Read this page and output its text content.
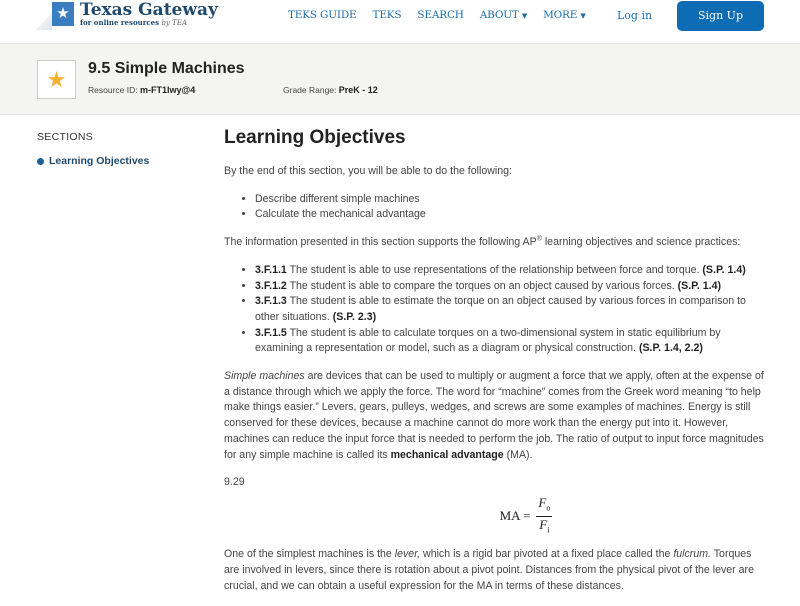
★ Texas Gateway
for online resources by TEA
TEKS GUIDE TEKS SEARCH ABOUT ▼ MORE ▼	Log in	Sign Up
★	9.5 Simple Machines
Resource ID: m-FT1Iwy@4	Grade Range: PreK - 12
SECTIONS
Learning Objectives
Learning Objectives

By the end of this section, you will be able to do the following:

• Describe different simple machines
• Calculate the mechanical advantage

The information presented in this section supports the following AP® learning objectives and science practices:

• 3.F.1.1 The student is able to use representations of the relationship between force and torque. (S.P. 1.4)
• 3.F.1.2 The student is able to compare the torques on an object caused by various forces. (S.P. 1.4)
• 3.F.1.3 The student is able to estimate the torque on an object caused by various forces in comparison to other situations. (S.P. 2.3)
• 3.F.1.5 The student is able to calculate torques on a two-dimensional system in static equilibrium by examining a representation or model, such as a diagram or physical construction. (S.P. 1.4, 2.2)

Simple machines are devices that can be used to multiply or augment a force that we apply, often at the expense of a distance through which we apply the force. The word for “machine” comes from the Greek word meaning “to help make things easier.” Levers, gears, pulleys, wedges, and screws are some examples of machines. Energy is still conserved for these devices, because a machine cannot do more work than the energy put into it. However, machines can reduce the input force that is needed to perform the job. The ratio of output to input force magnitudes for any simple machine is called its mechanical advantage (MA).

9.29
MA = $\frac{F_o}{F_i}$

One of the simplest machines is the lever, which is a rigid bar pivoted at a fixed place called the fulcrum. Torques are involved in levers, since there is rotation about a pivot point. Distances from the physical pivot of the lever are crucial, and we can obtain a useful expression for the MA in terms of these distances.
